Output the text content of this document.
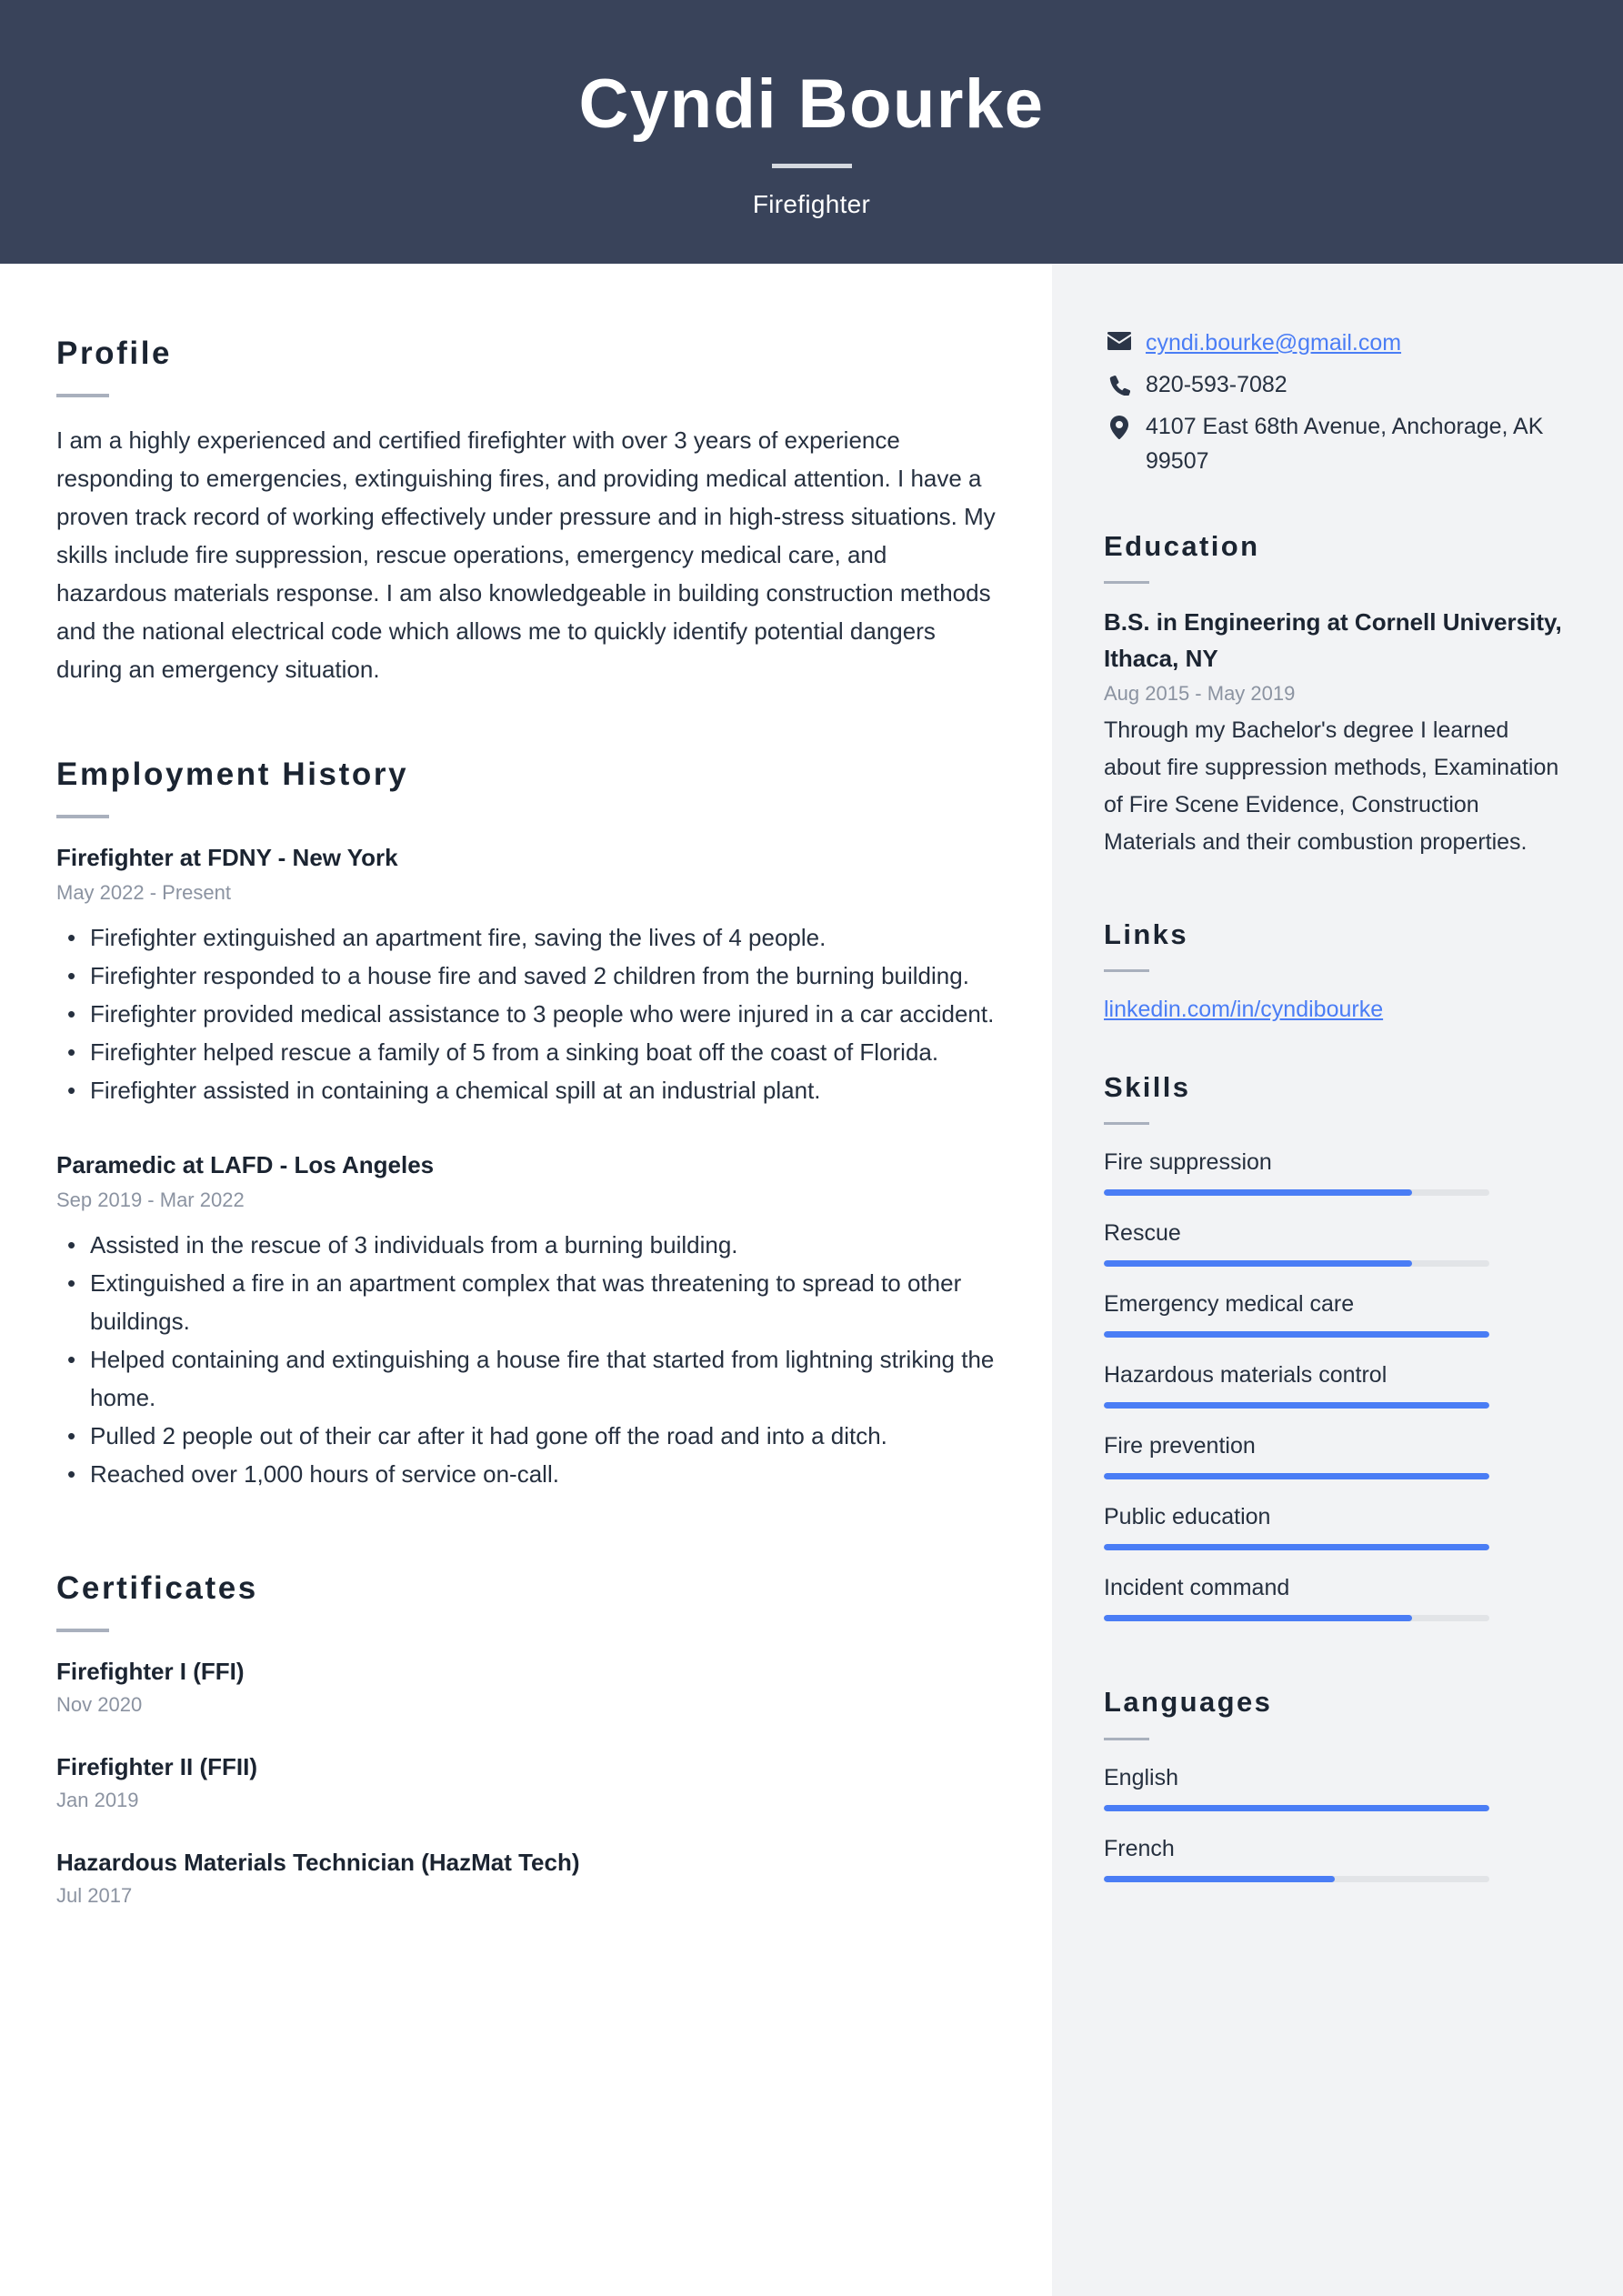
Cyndi Bourke
Firefighter
Profile
I am a highly experienced and certified firefighter with over 3 years of experience responding to emergencies, extinguishing fires, and providing medical attention. I have a proven track record of working effectively under pressure and in high-stress situations. My skills include fire suppression, rescue operations, emergency medical care, and hazardous materials response. I am also knowledgeable in building construction methods and the national electrical code which allows me to quickly identify potential dangers during an emergency situation.
Employment History
Firefighter at FDNY - New York
May 2022 - Present
• Firefighter extinguished an apartment fire, saving the lives of 4 people.
• Firefighter responded to a house fire and saved 2 children from the burning building.
• Firefighter provided medical assistance to 3 people who were injured in a car accident.
• Firefighter helped rescue a family of 5 from a sinking boat off the coast of Florida.
• Firefighter assisted in containing a chemical spill at an industrial plant.
Paramedic at LAFD - Los Angeles
Sep 2019 - Mar 2022
• Assisted in the rescue of 3 individuals from a burning building.
• Extinguished a fire in an apartment complex that was threatening to spread to other buildings.
• Helped containing and extinguishing a house fire that started from lightning striking the home.
• Pulled 2 people out of their car after it had gone off the road and into a ditch.
• Reached over 1,000 hours of service on-call.
Certificates
Firefighter I (FFI)
Nov 2020
Firefighter II (FFII)
Jan 2019
Hazardous Materials Technician (HazMat Tech)
Jul 2017
cyndi.bourke@gmail.com
820-593-7082
4107 East 68th Avenue, Anchorage, AK 99507
Education
B.S. in Engineering at Cornell University, Ithaca, NY
Aug 2015 - May 2019
Through my Bachelor's degree I learned about fire suppression methods, Examination of Fire Scene Evidence, Construction Materials and their combustion properties.
Links
linkedin.com/in/cyndibourke
Skills
Fire suppression
Rescue
Emergency medical care
Hazardous materials control
Fire prevention
Public education
Incident command
Languages
English
French
